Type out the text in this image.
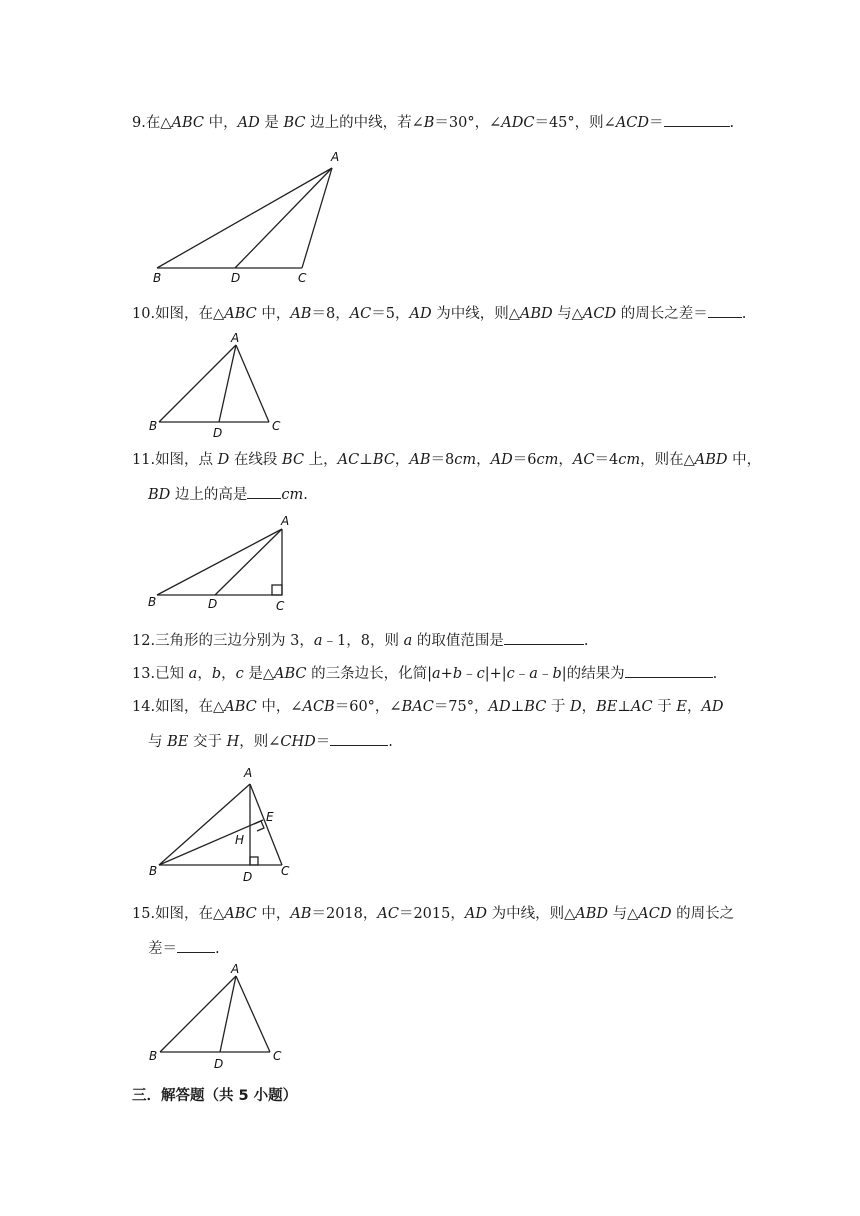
9.在△ABC 中，AD 是 BC 边上的中线，若∠B＝30°，∠ADC＝45°，则∠ACD＝	.
A
B	D	C
10.如图，在△ABC 中，AB＝8，AC＝5，AD 为中线，则△ABD 与△ACD 的周长之差＝ .
A
B	D	C
11.如图，点 D 在线段 BC 上，AC⊥BC，AB＝8cm，AD＝6cm，AC＝4cm，则在△ABD 中，
BD 边上的高是 cm.
A
B	D	C
12.三角形的三边分别为 3，a﹣1，8，则 a 的取值范围是	.
13.已知 a，b，c 是△ABC 的三条边长，化简|a+b﹣c|+|c﹣a﹣b|的结果为	.
14.如图，在△ABC 中，∠ACB＝60°，∠BAC＝75°，AD⊥BC 于 D，BE⊥AC 于 E，AD
与 BE 交于 H，则∠CHD＝	.
A
B	D C
E
H
15.如图，在△ABC 中，AB＝2018，AC＝2015，AD 为中线，则△ABD 与△ACD 的周长之
差＝	.
A
B
D
C
三．解答题（共 5 小题）
